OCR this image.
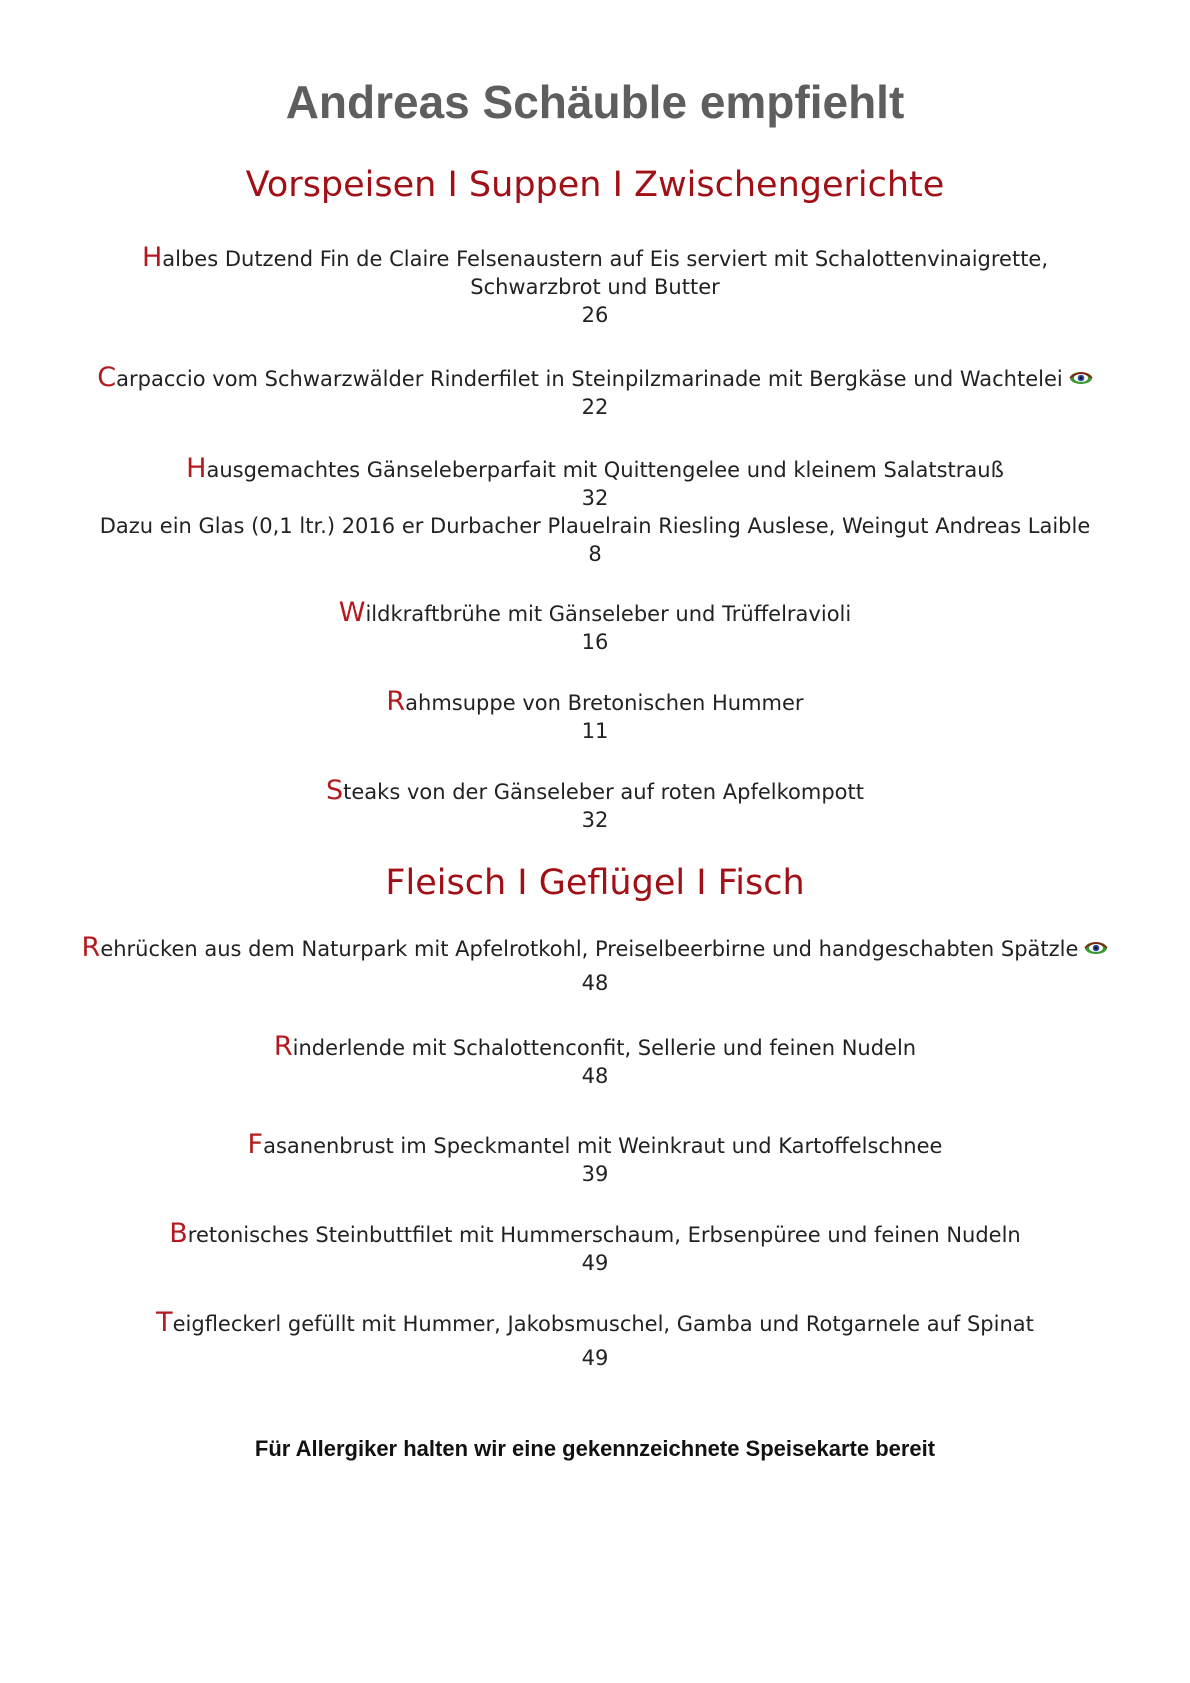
Andreas Schäuble empfiehlt
Vorspeisen I Suppen I Zwischengerichte
Halbes Dutzend Fin de Claire Felsenaustern auf Eis serviert mit Schalottenvinaigrette,
Schwarzbrot und Butter
26
Carpaccio vom Schwarzwälder Rinderfilet in Steinpilzmarinade mit Bergkäse und Wachtelei
22
Hausgemachtes Gänseleberparfait mit Quittengelee und kleinem Salatstrauß
32
Dazu ein Glas (0,1 ltr.) 2016 er Durbacher Plauelrain Riesling Auslese, Weingut Andreas Laible
8
Wildkraftbrühe mit Gänseleber und Trüffelravioli
16
Rahmsuppe von Bretonischen Hummer
11
Steaks von der Gänseleber auf roten Apfelkompott
32
Fleisch I Geflügel I Fisch
Rehrücken aus dem Naturpark mit Apfelrotkohl, Preiselbeerbirne und handgeschabten Spätzle
48
Rinderlende mit Schalottenconfit, Sellerie und feinen Nudeln
48
Fasanenbrust im Speckmantel mit Weinkraut und Kartoffelschnee
39
Bretonisches Steinbuttfilet mit Hummerschaum, Erbsenpüree und feinen Nudeln
49
Teigfleckerl gefüllt mit Hummer, Jakobsmuschel, Gamba und Rotgarnele auf Spinat
49
Für Allergiker halten wir eine gekennzeichnete Speisekarte bereit
